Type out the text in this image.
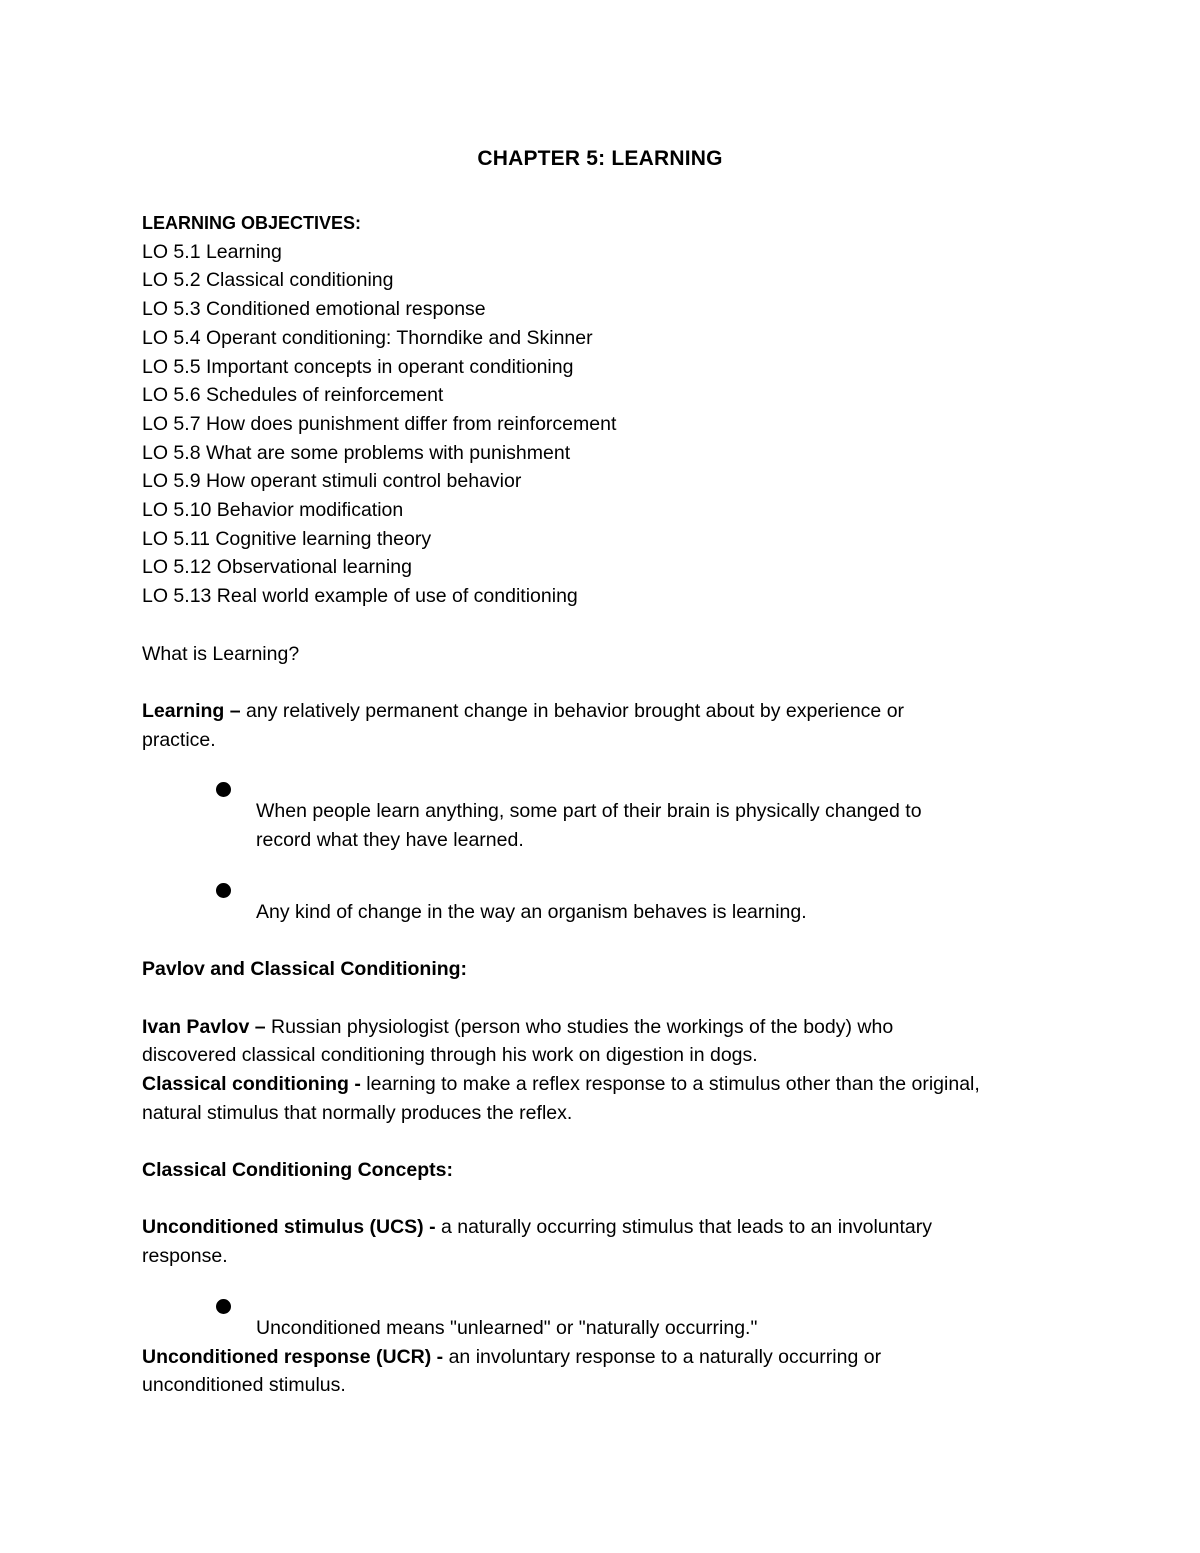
CHAPTER 5: LEARNING
LEARNING OBJECTIVES:
LO 5.1 Learning
LO 5.2 Classical conditioning
LO 5.3 Conditioned emotional response
LO 5.4 Operant conditioning: Thorndike and Skinner
LO 5.5 Important concepts in operant conditioning
LO 5.6 Schedules of reinforcement
LO 5.7 How does punishment differ from reinforcement
LO 5.8 What are some problems with punishment
LO 5.9 How operant stimuli control behavior
LO 5.10 Behavior modification
LO 5.11 Cognitive learning theory
LO 5.12 Observational learning
LO 5.13 Real world example of use of conditioning
What is Learning?
Learning – any relatively permanent change in behavior brought about by experience or
practice.
When people learn anything, some part of their brain is physically changed to
record what they have learned.
Any kind of change in the way an organism behaves is learning.
Pavlov and Classical Conditioning:
Ivan Pavlov – Russian physiologist (person who studies the workings of the body) who
discovered classical conditioning through his work on digestion in dogs.
Classical conditioning - learning to make a reflex response to a stimulus other than the original,
natural stimulus that normally produces the reflex.
Classical Conditioning Concepts:
Unconditioned stimulus (UCS) - a naturally occurring stimulus that leads to an involuntary
response.
Unconditioned means "unlearned" or "naturally occurring."
Unconditioned response (UCR) - an involuntary response to a naturally occurring or
unconditioned stimulus.
